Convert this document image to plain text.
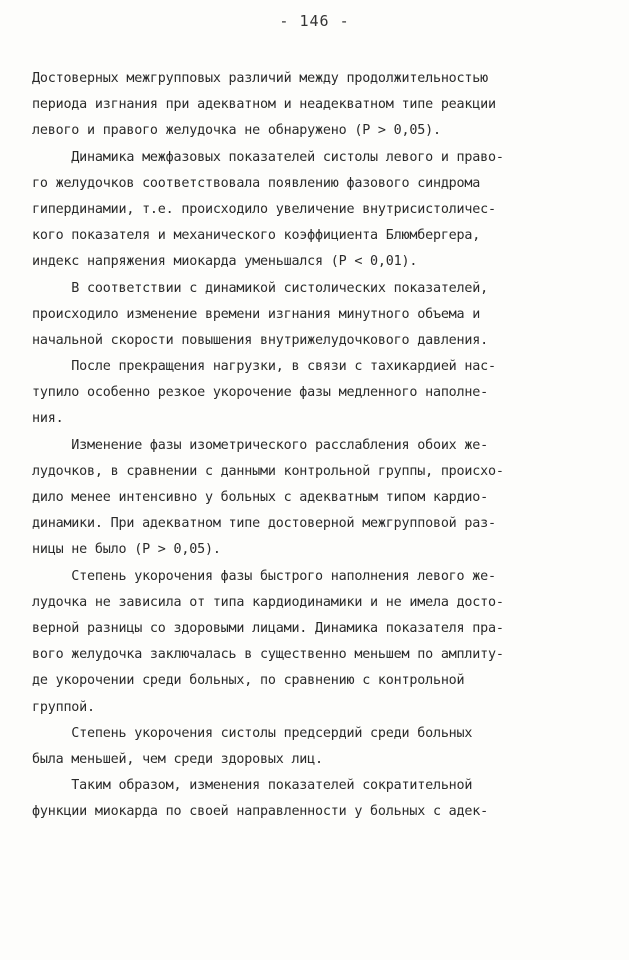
- 146 -
Достоверных межгрупповых различий между продолжительностью
периода изгнания при адекватном и неадекватном типе реакции
левого и правого желудочка не обнаружено (P > 0,05).
Динамика межфазовых показателей систолы левого и право-
го желудочков соответствовала появлению фазового синдрома
гипердинамии, т.е. происходило увеличение внутрисистоличес-
кого показателя и механического коэффициента Блюмбергера,
индекс напряжения миокарда уменьшался (P < 0,01).
В соответствии с динамикой систолических показателей,
происходило изменение времени изгнания минутного объема и
начальной скорости повышения внутрижелудочкового давления.
После прекращения нагрузки, в связи с тахикардией нас-
тупило особенно резкое укорочение фазы медленного наполне-
ния.
Изменение фазы изометрического расслабления обоих же-
лудочков, в сравнении с данными контрольной группы, происхо-
дило менее интенсивно у больных с адекватным типом кардио-
динамики. При адекватном типе достоверной межгрупповой раз-
ницы не было (P > 0,05).
Степень укорочения фазы быстрого наполнения левого же-
лудочка не зависила от типа кардиодинамики и не имела досто-
верной разницы со здоровыми лицами. Динамика показателя пра-
вого желудочка заключалась в существенно меньшем по амплиту-
де укорочении среди больных, по сравнению с контрольной
группой.
Степень укорочения систолы предсердий среди больных
была меньшей, чем среди здоровых лиц.
Таким образом, изменения показателей сократительной
функции миокарда по своей направленности у больных с адек-
